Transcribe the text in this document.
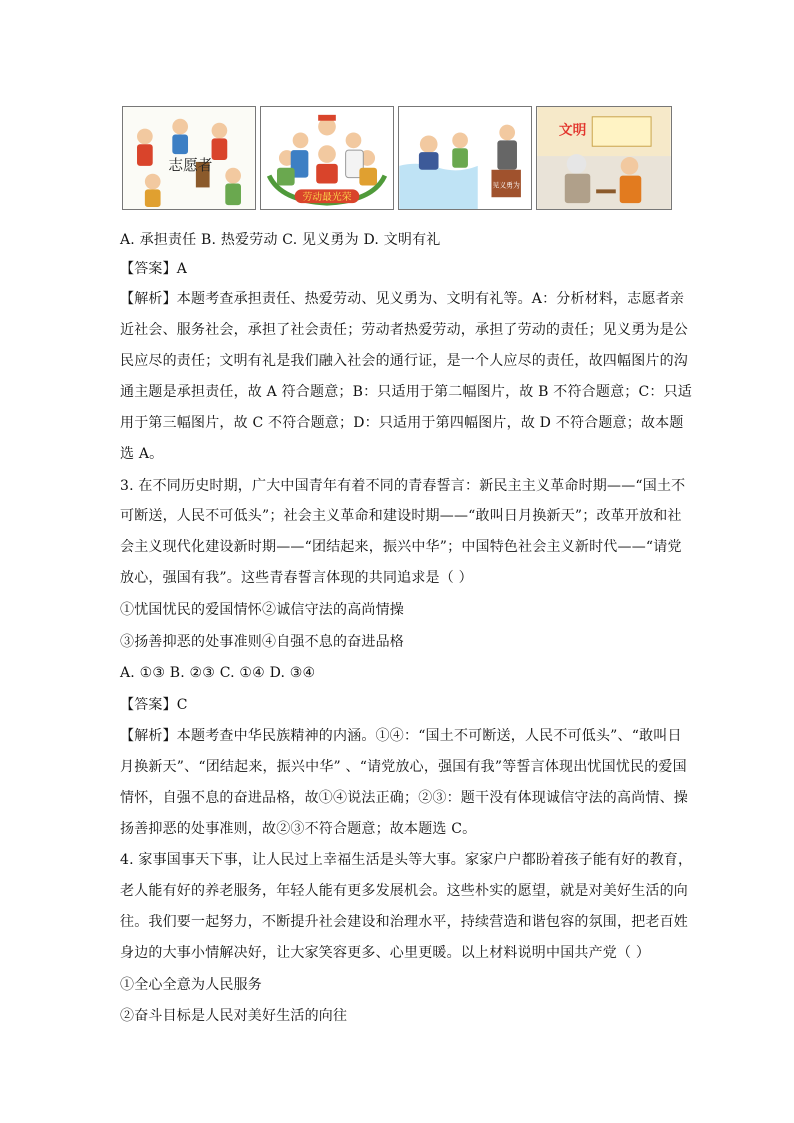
志愿者
劳动最光荣
见义勇为
文明
A. 承担责任 B. 热爱劳动 C. 见义勇为 D. 文明有礼
【答案】A
【解析】本题考查承担责任、热爱劳动、见义勇为、文明有礼等。A：分析材料，志愿者亲
近社会、服务社会，承担了社会责任；劳动者热爱劳动，承担了劳动的责任；见义勇为是公
民应尽的责任；文明有礼是我们融入社会的通行证，是一个人应尽的责任，故四幅图片的沟
通主题是承担责任，故 A 符合题意；B：只适用于第二幅图片，故 B 不符合题意；C：只适
用于第三幅图片，故 C 不符合题意；D：只适用于第四幅图片，故 D 不符合题意；故本题
选 A。
3. 在不同历史时期，广大中国青年有着不同的青春誓言：新民主主义革命时期——“国土不
可断送，人民不可低头”；社会主义革命和建设时期——“敢叫日月换新天”；改革开放和社
会主义现代化建设新时期——“团结起来，振兴中华”；中国特色社会主义新时代——“请党
放心，强国有我”。这些青春誓言体现的共同追求是（ ）
①忧国忧民的爱国情怀②诚信守法的高尚情操
③扬善抑恶的处事准则④自强不息的奋进品格
A. ①③ B. ②③ C. ①④ D. ③④
【答案】C
【解析】本题考查中华民族精神的内涵。①④：“国土不可断送，人民不可低头”、“敢叫日
月换新天”、“团结起来，振兴中华” 、“请党放心，强国有我”等誓言体现出忧国忧民的爱国
情怀，自强不息的奋进品格，故①④说法正确；②③：题干没有体现诚信守法的高尚情、操
扬善抑恶的处事准则，故②③不符合题意；故本题选 C。
4. 家事国事天下事，让人民过上幸福生活是头等大事。家家户户都盼着孩子能有好的教育，
老人能有好的养老服务，年轻人能有更多发展机会。这些朴实的愿望，就是对美好生活的向
往。我们要一起努力，不断提升社会建设和治理水平，持续营造和谐包容的氛围，把老百姓
身边的大事小情解决好，让大家笑容更多、心里更暖。以上材料说明中国共产党（ ）
①全心全意为人民服务
②奋斗目标是人民对美好生活的向往
